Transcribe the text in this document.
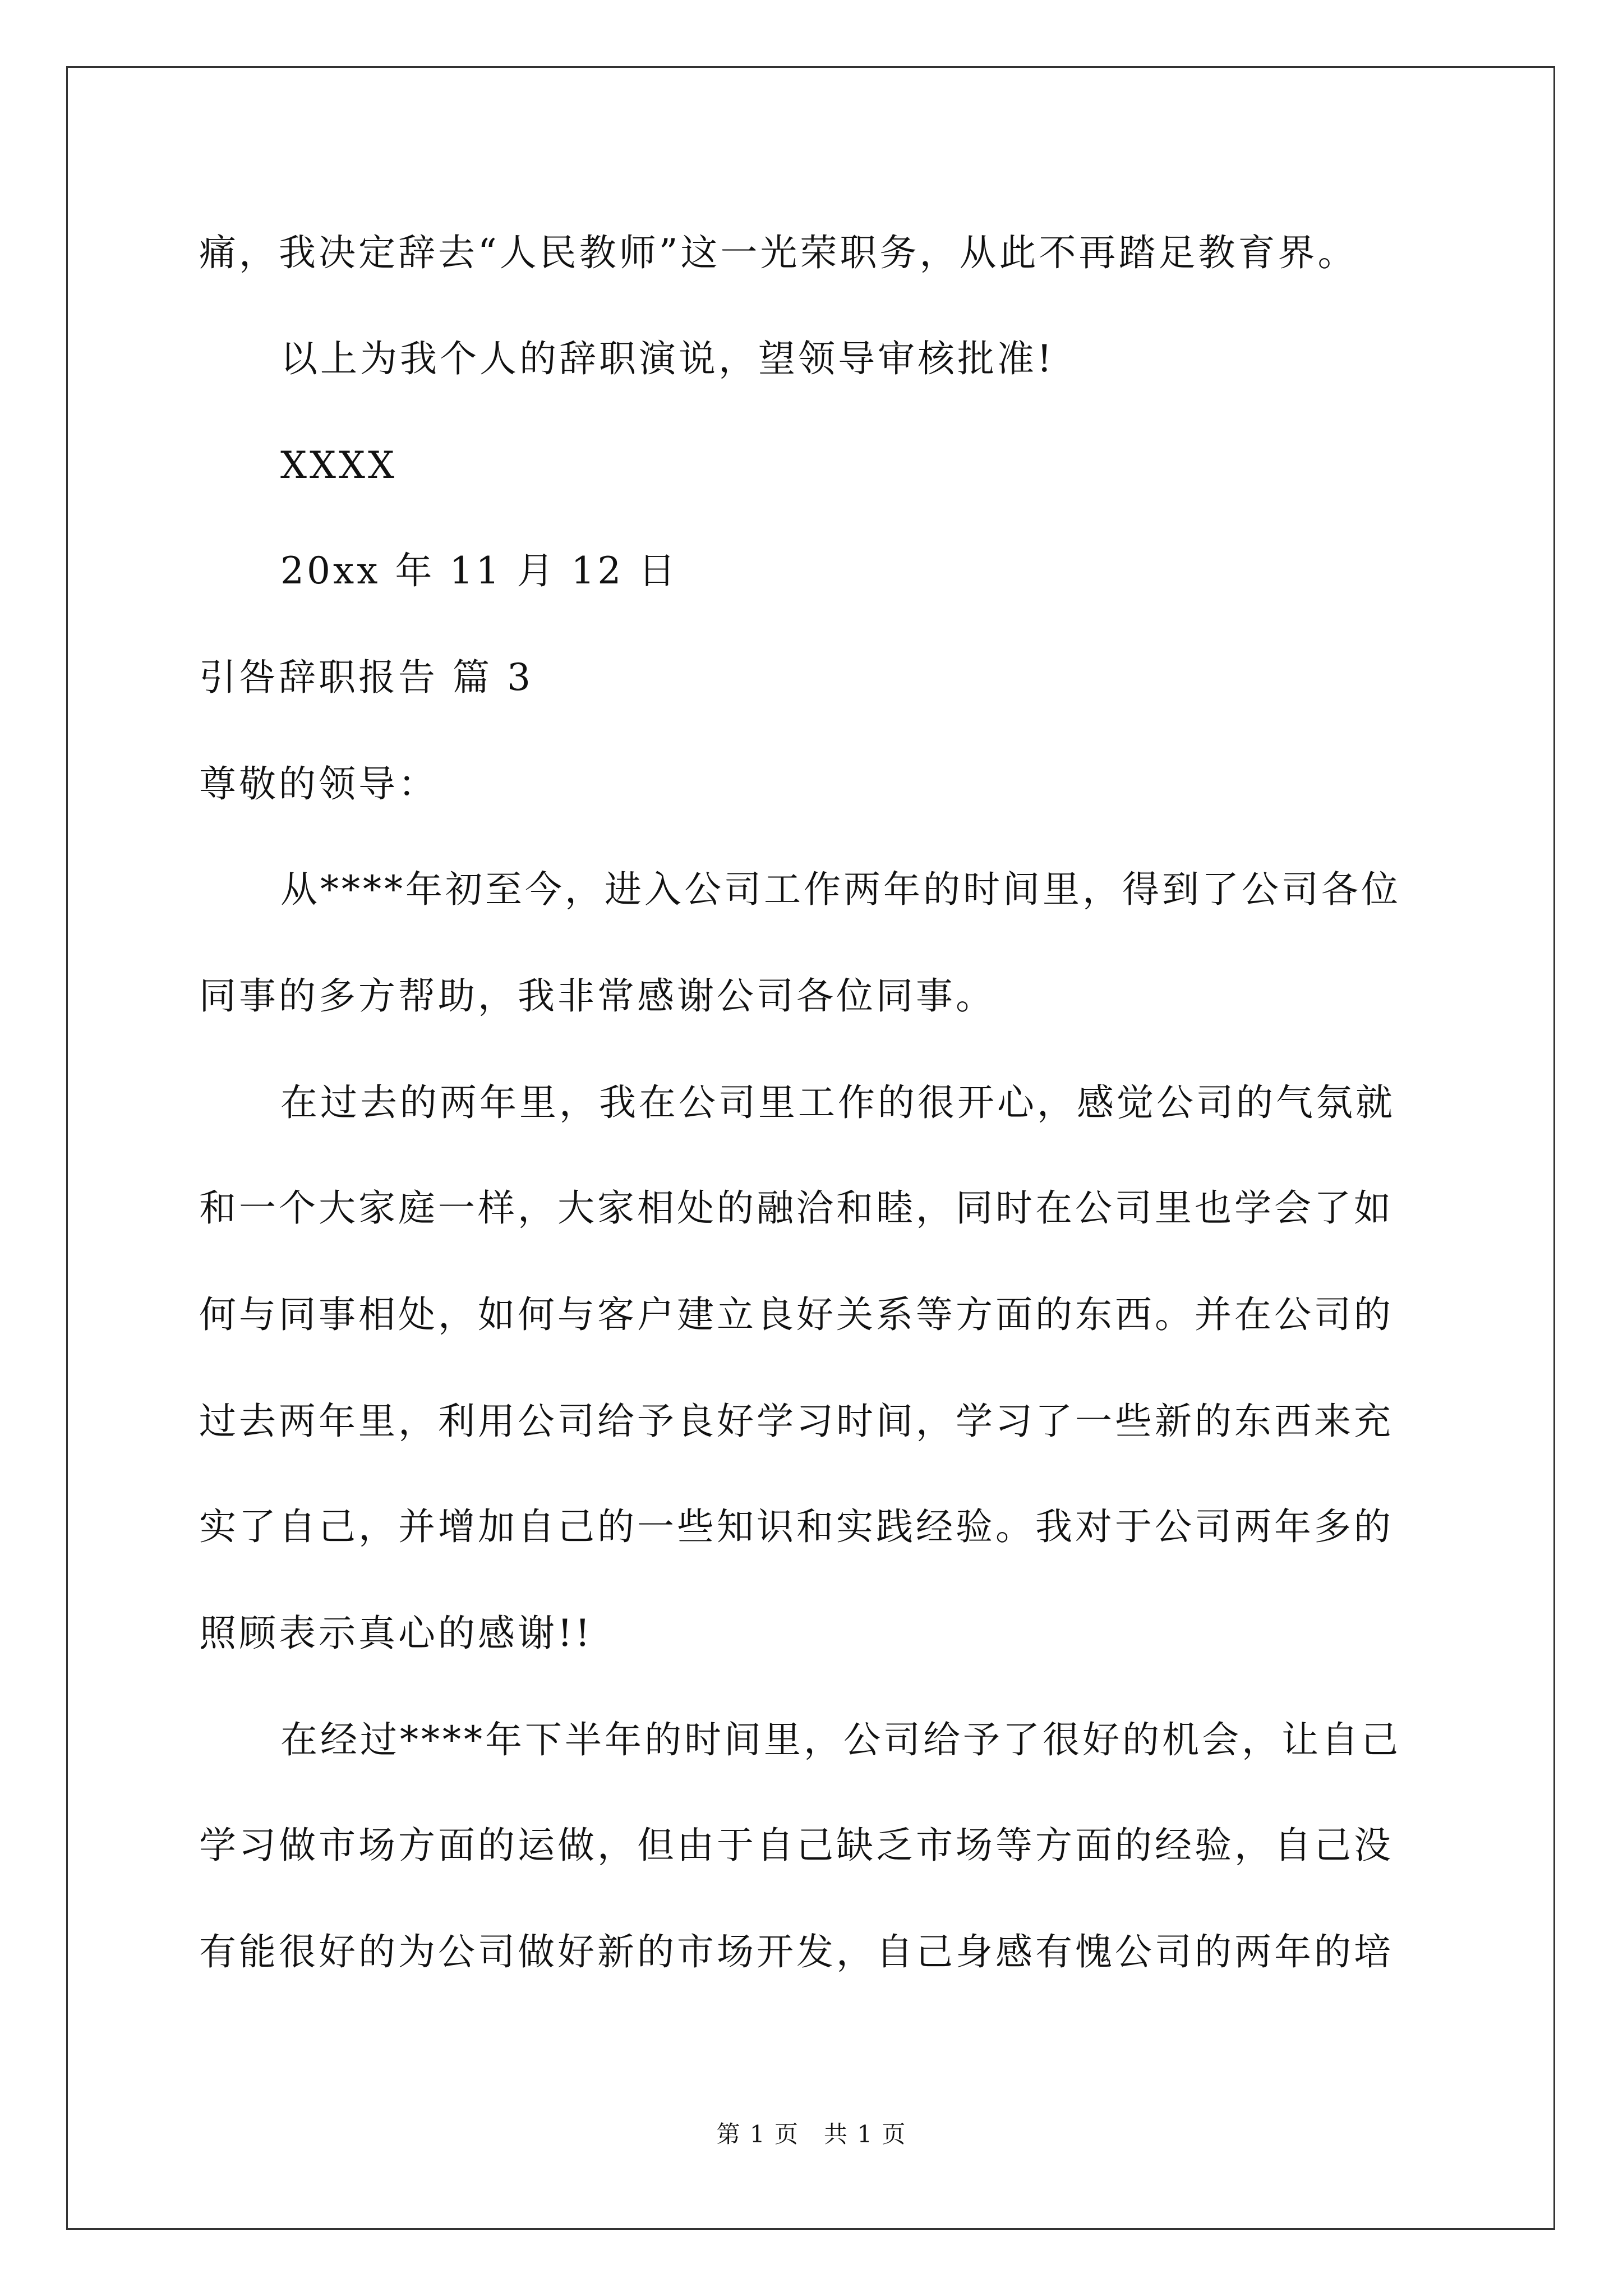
痛，我决定辞去“人民教师”这一光荣职务，从此不再踏足教育界。
以上为我个人的辞职演说，望领导审核批准!
XXXX
20xx 年 11 月 12 日
引咎辞职报告 篇 3
尊敬的领导：
从****年初至今，进入公司工作两年的时间里，得到了公司各位
同事的多方帮助，我非常感谢公司各位同事。
在过去的两年里，我在公司里工作的很开心，感觉公司的气氛就
和一个大家庭一样，大家相处的融洽和睦，同时在公司里也学会了如
何与同事相处，如何与客户建立良好关系等方面的东西。并在公司的
过去两年里，利用公司给予良好学习时间，学习了一些新的东西来充
实了自己，并增加自己的一些知识和实践经验。我对于公司两年多的
照顾表示真心的感谢!!
在经过****年下半年的时间里，公司给予了很好的机会，让自己
学习做市场方面的运做，但由于自己缺乏市场等方面的经验，自己没
有能很好的为公司做好新的市场开发，自己身感有愧公司的两年的培
第 1 页　共 1 页
